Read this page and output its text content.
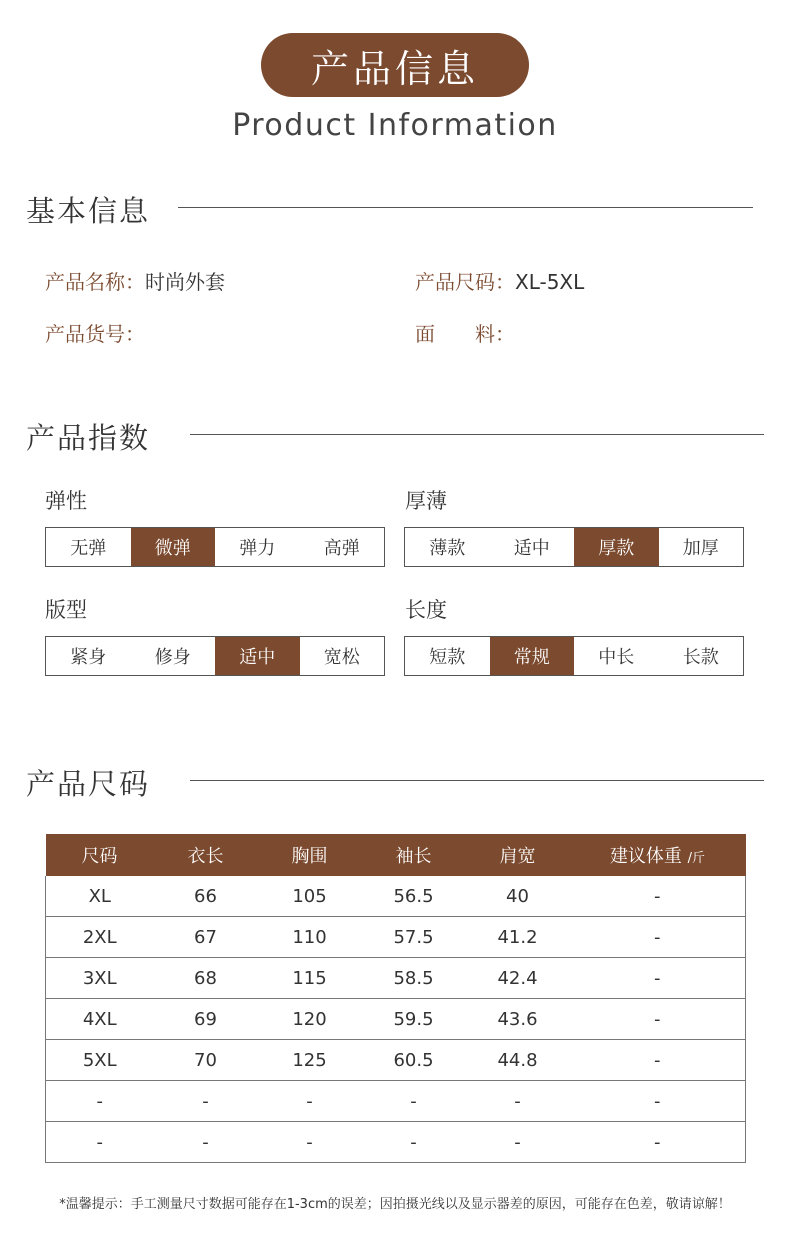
产品信息
Product Information
基本信息
产品名称：时尚外套	产品尺码：XL-5XL
产品货号：	面　　料：
产品指数
弹性
无弹	微弹	弹力	高弹
厚薄
薄款	适中	厚款	加厚
版型
紧身	修身	适中	宽松
长度
短款	常规	中长	长款
产品尺码
尺码	衣长	胸围	袖长	肩宽	建议体重 /斤
XL	66	105	56.5	40	-
2XL	67	110	57.5	41.2	-
3XL	68	115	58.5	42.4	-
4XL	69	120	59.5	43.6	-
5XL	70	125	60.5	44.8	-
-	-	-	-	-	-
-	-	-	-	-	-
*温馨提示：手工测量尺寸数据可能存在1-3cm的误差；因拍摄光线以及显示器差的原因，可能存在色差，敬请谅解！
